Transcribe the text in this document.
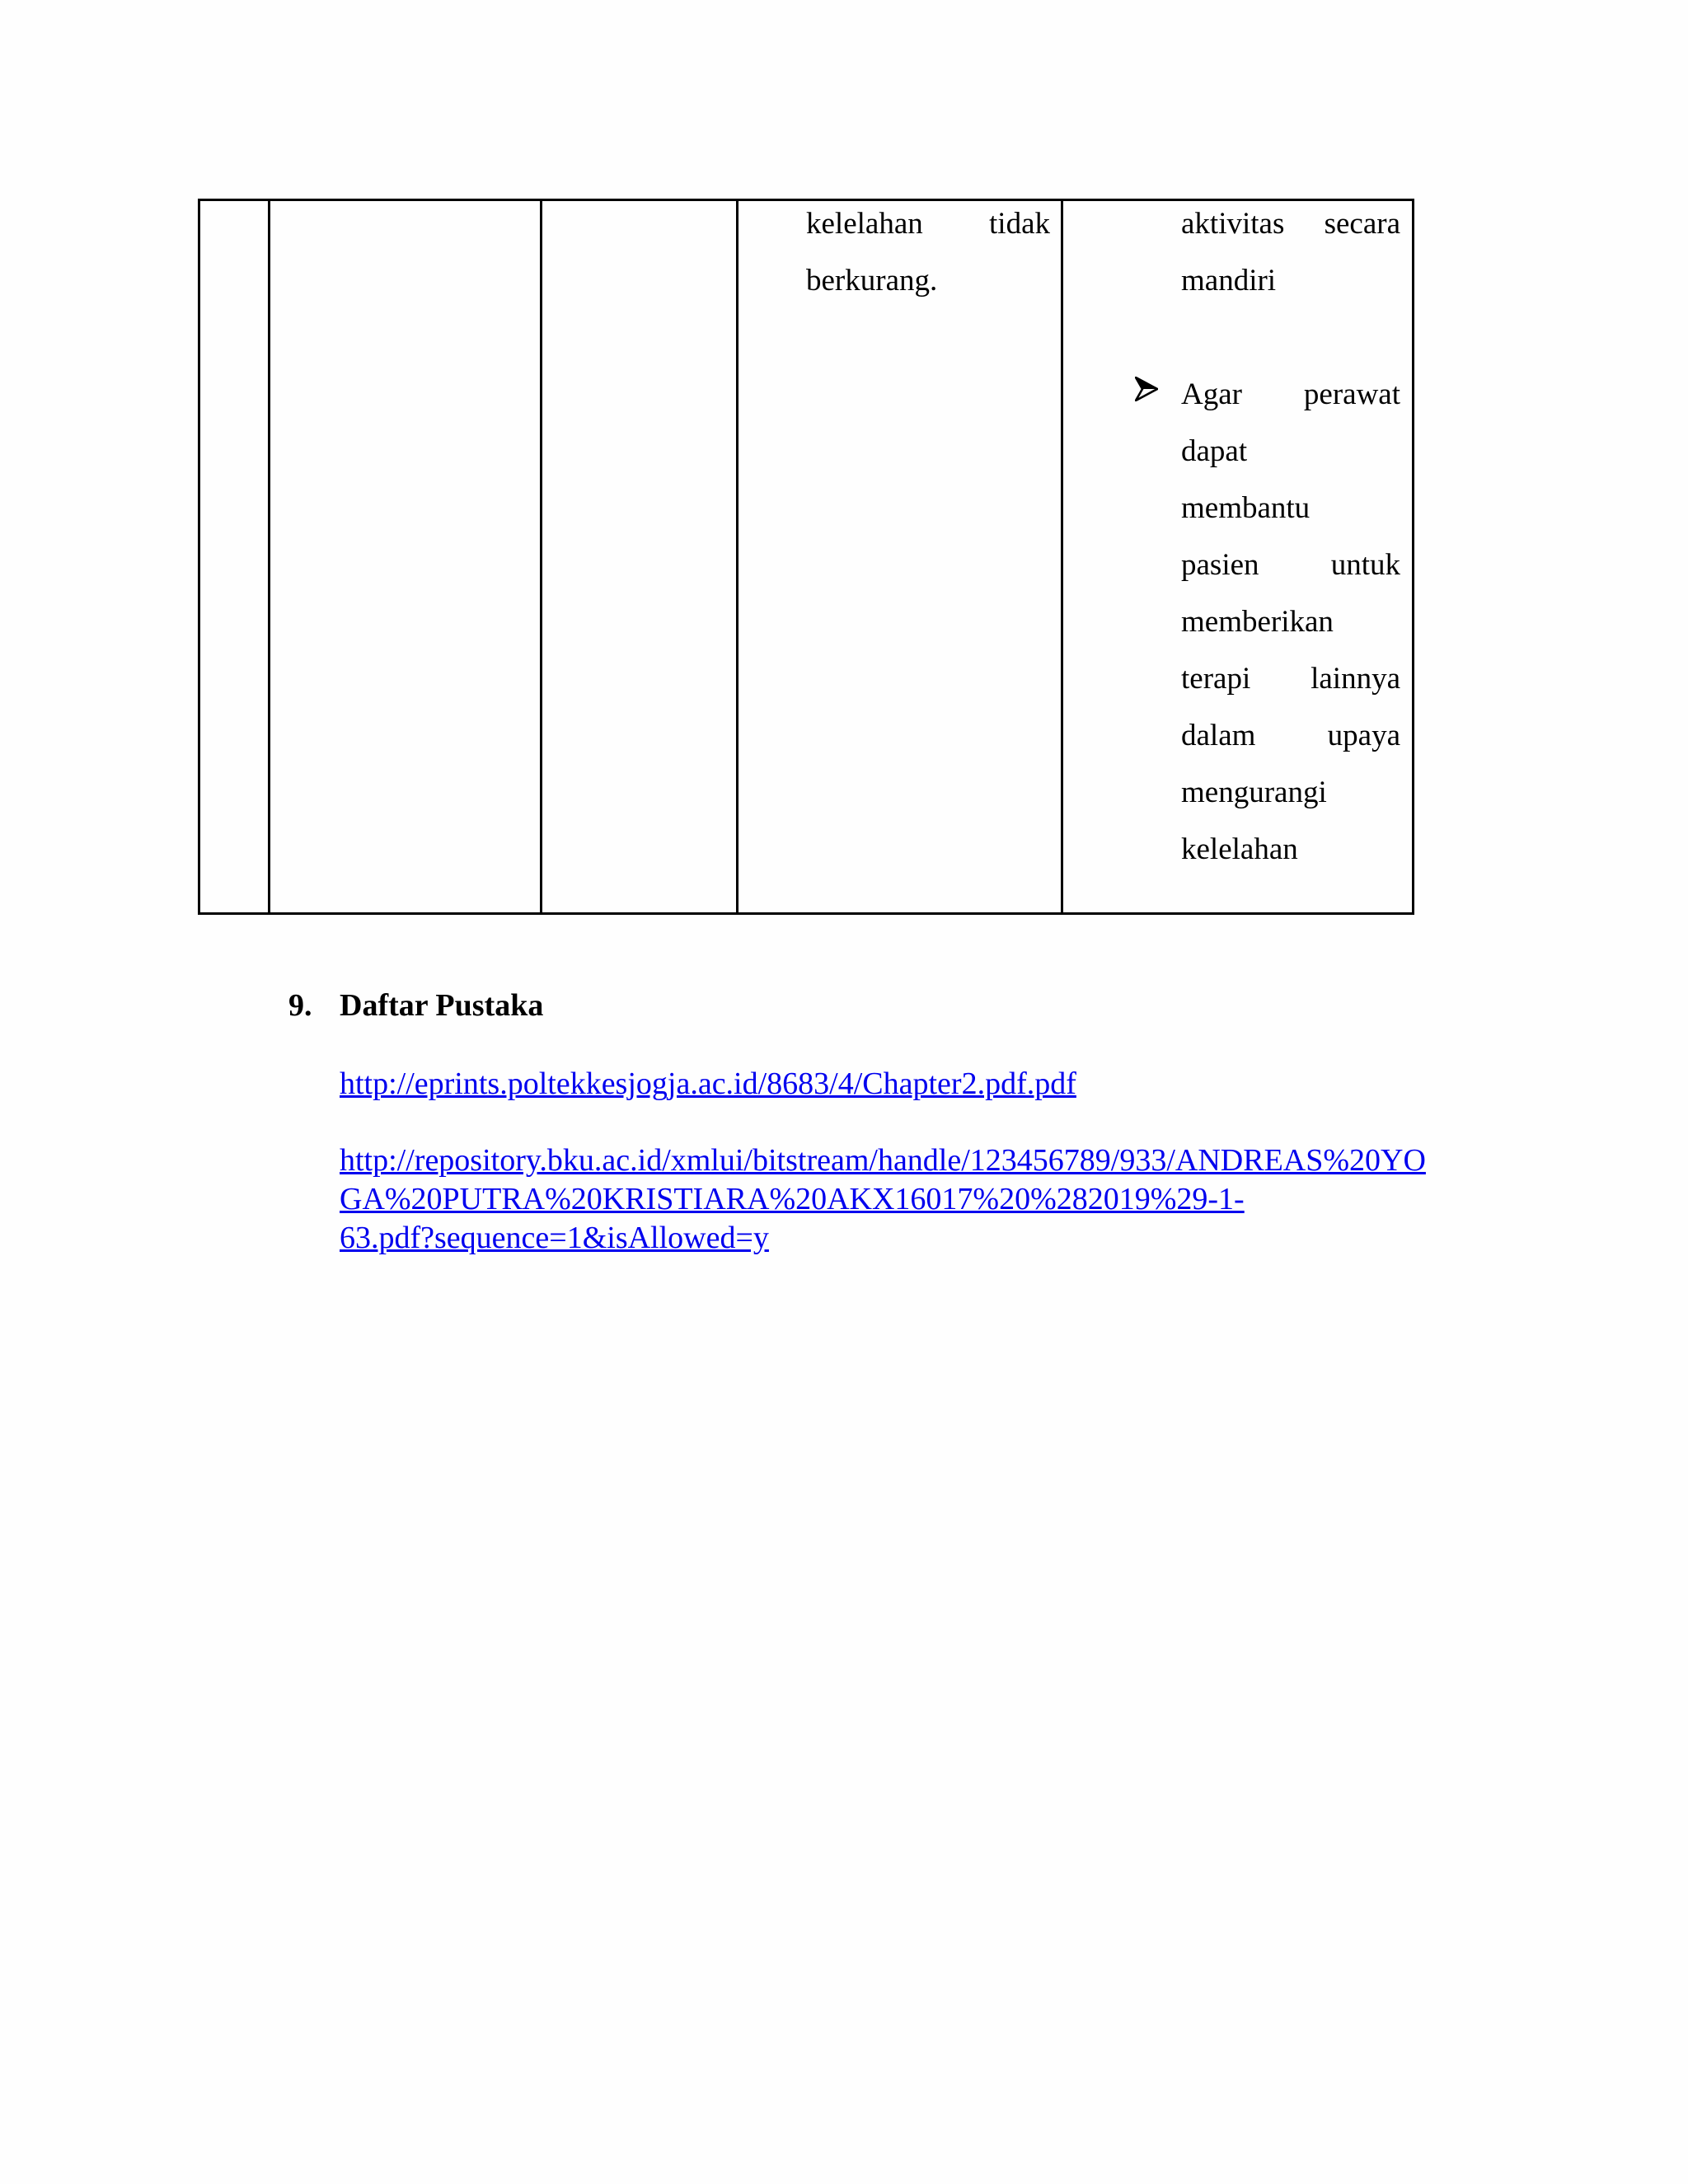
kelelahan tidak
berkurang.
aktivitas secara
mandiri
Agar perawat
dapat
membantu
pasien untuk
memberikan
terapi lainnya
dalam upaya
mengurangi
kelelahan
9. Daftar Pustaka
http://eprints.poltekkesjogja.ac.id/8683/4/Chapter2.pdf.pdf
http://repository.bku.ac.id/xmlui/bitstream/handle/123456789/933/ANDREAS%20YO
GA%20PUTRA%20KRISTIARA%20AKX16017%20%282019%29-1-
63.pdf?sequence=1&isAllowed=y
